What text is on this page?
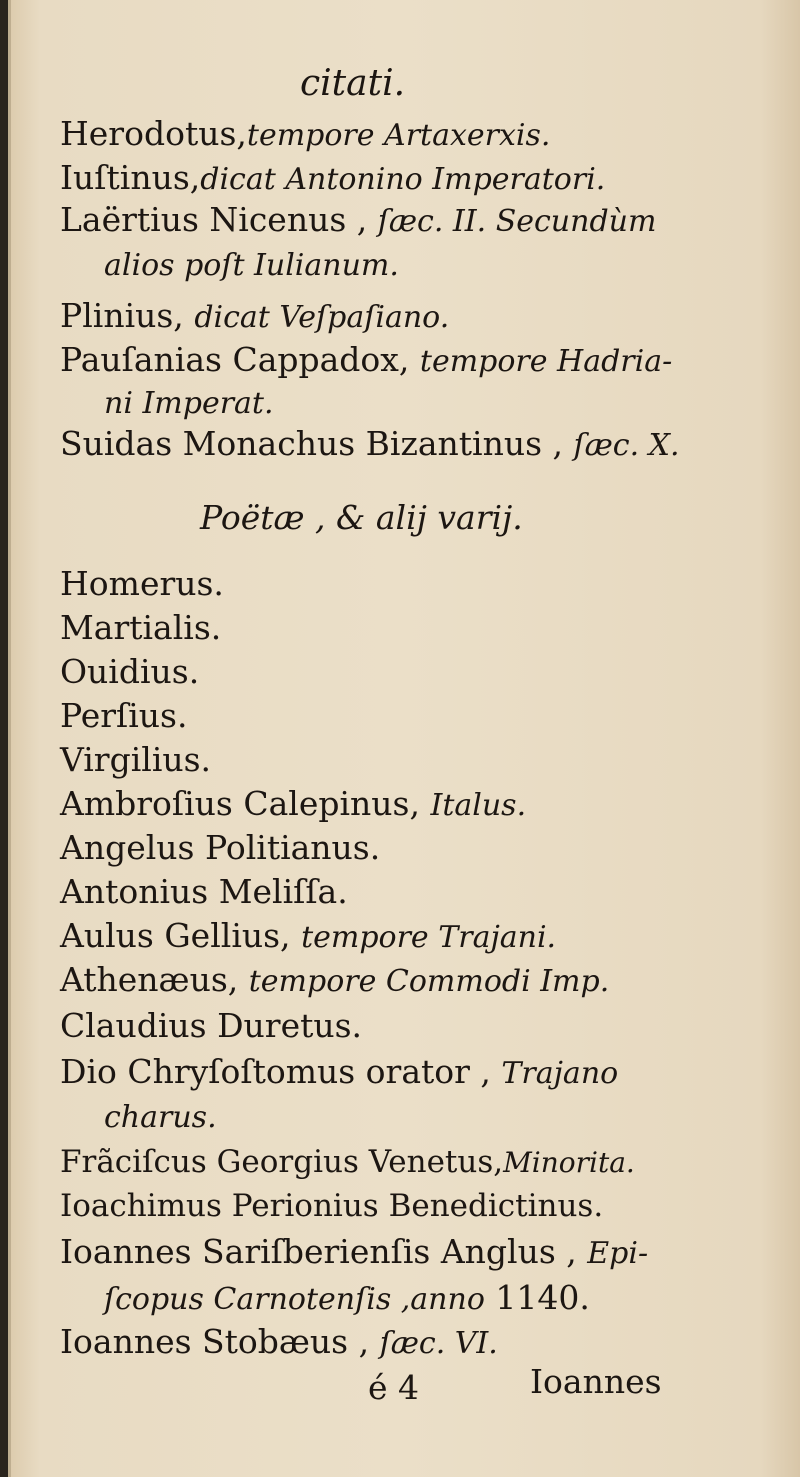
citati.
Herodotus,tempore Artaxerxis.
Iuſtinus,dicat Antonino Imperatori.
Laërtius Nicenus , ſæc. II. Secundùm
alios poſt Iulianum.
Plinius, dicat Veſpaſiano.
Pauſanias Cappadox, tempore Hadria-
ni Imperat.
Suidas Monachus Bizantinus , ſæc. X.
Poëtæ , & alij varij.
Homerus.
Martialis.
Ouidius.
Perſius.
Virgilius.
Ambroſius Calepinus, Italus.
Angelus Politianus.
Antonius Meliſſa.
Aulus Gellius, tempore Trajani.
Athenæus, tempore Commodi Imp.
Claudius Duretus.
Dio Chryſoſtomus orator , Trajano
charus.
Frãciſcus Georgius Venetus,Minorita.
Ioachimus Perionius Benedictinus.
Ioannes Sariſberienſis Anglus , Epi-
ſcopus Carnotenſis ,anno 1140.
Ioannes Stobæus , ſæc. VI.
é 4	Ioannes
